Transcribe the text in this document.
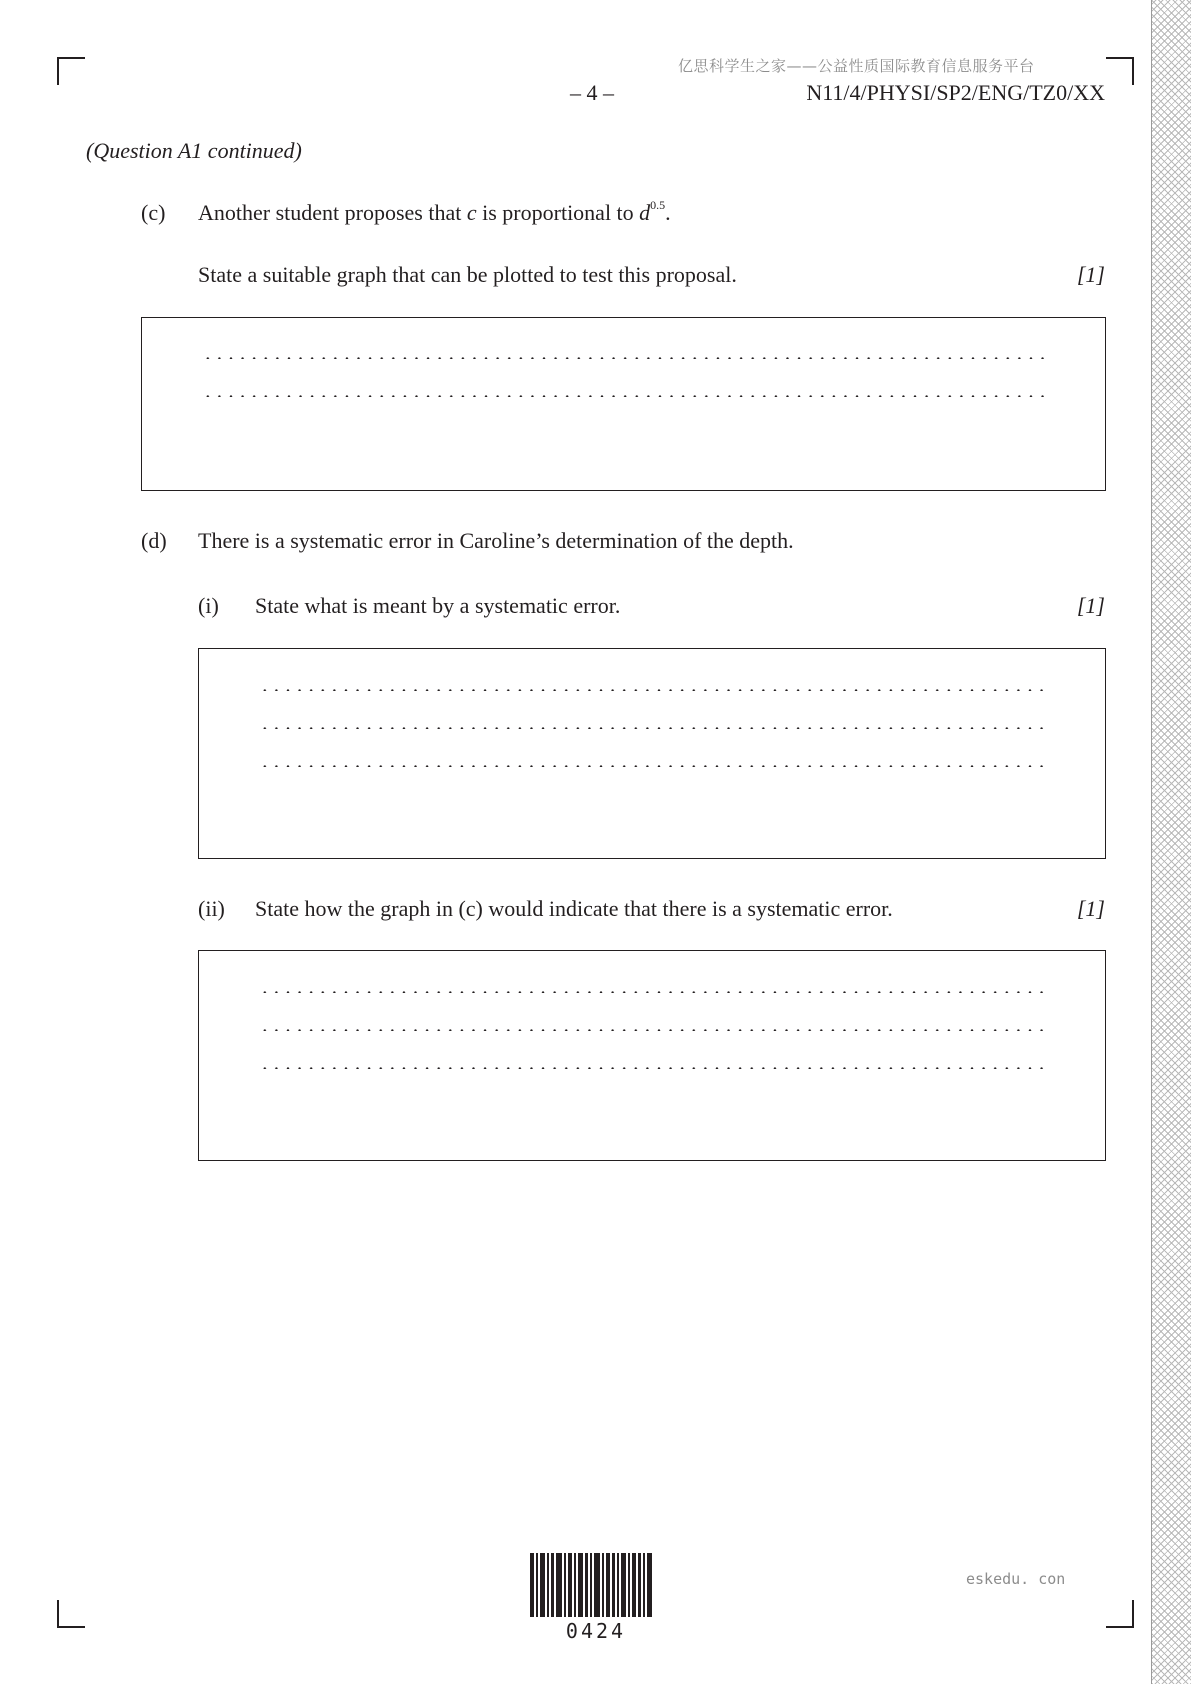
亿思科学生之家——公益性质国际教育信息服务平台
– 4 –	N11/4/PHYSI/SP2/ENG/TZ0/XX
(Question A1 continued)
(c) Another student proposes that c is proportional to $d^{0.5}$.
State a suitable graph that can be plotted to test this proposal.	[1]
(d) There is a systematic error in Caroline’s determination of the depth.
(i) State what is meant by a systematic error.	[1]
(ii) State how the graph in (c) would indicate that there is a systematic error.	[1]
0424
eskedu. con
